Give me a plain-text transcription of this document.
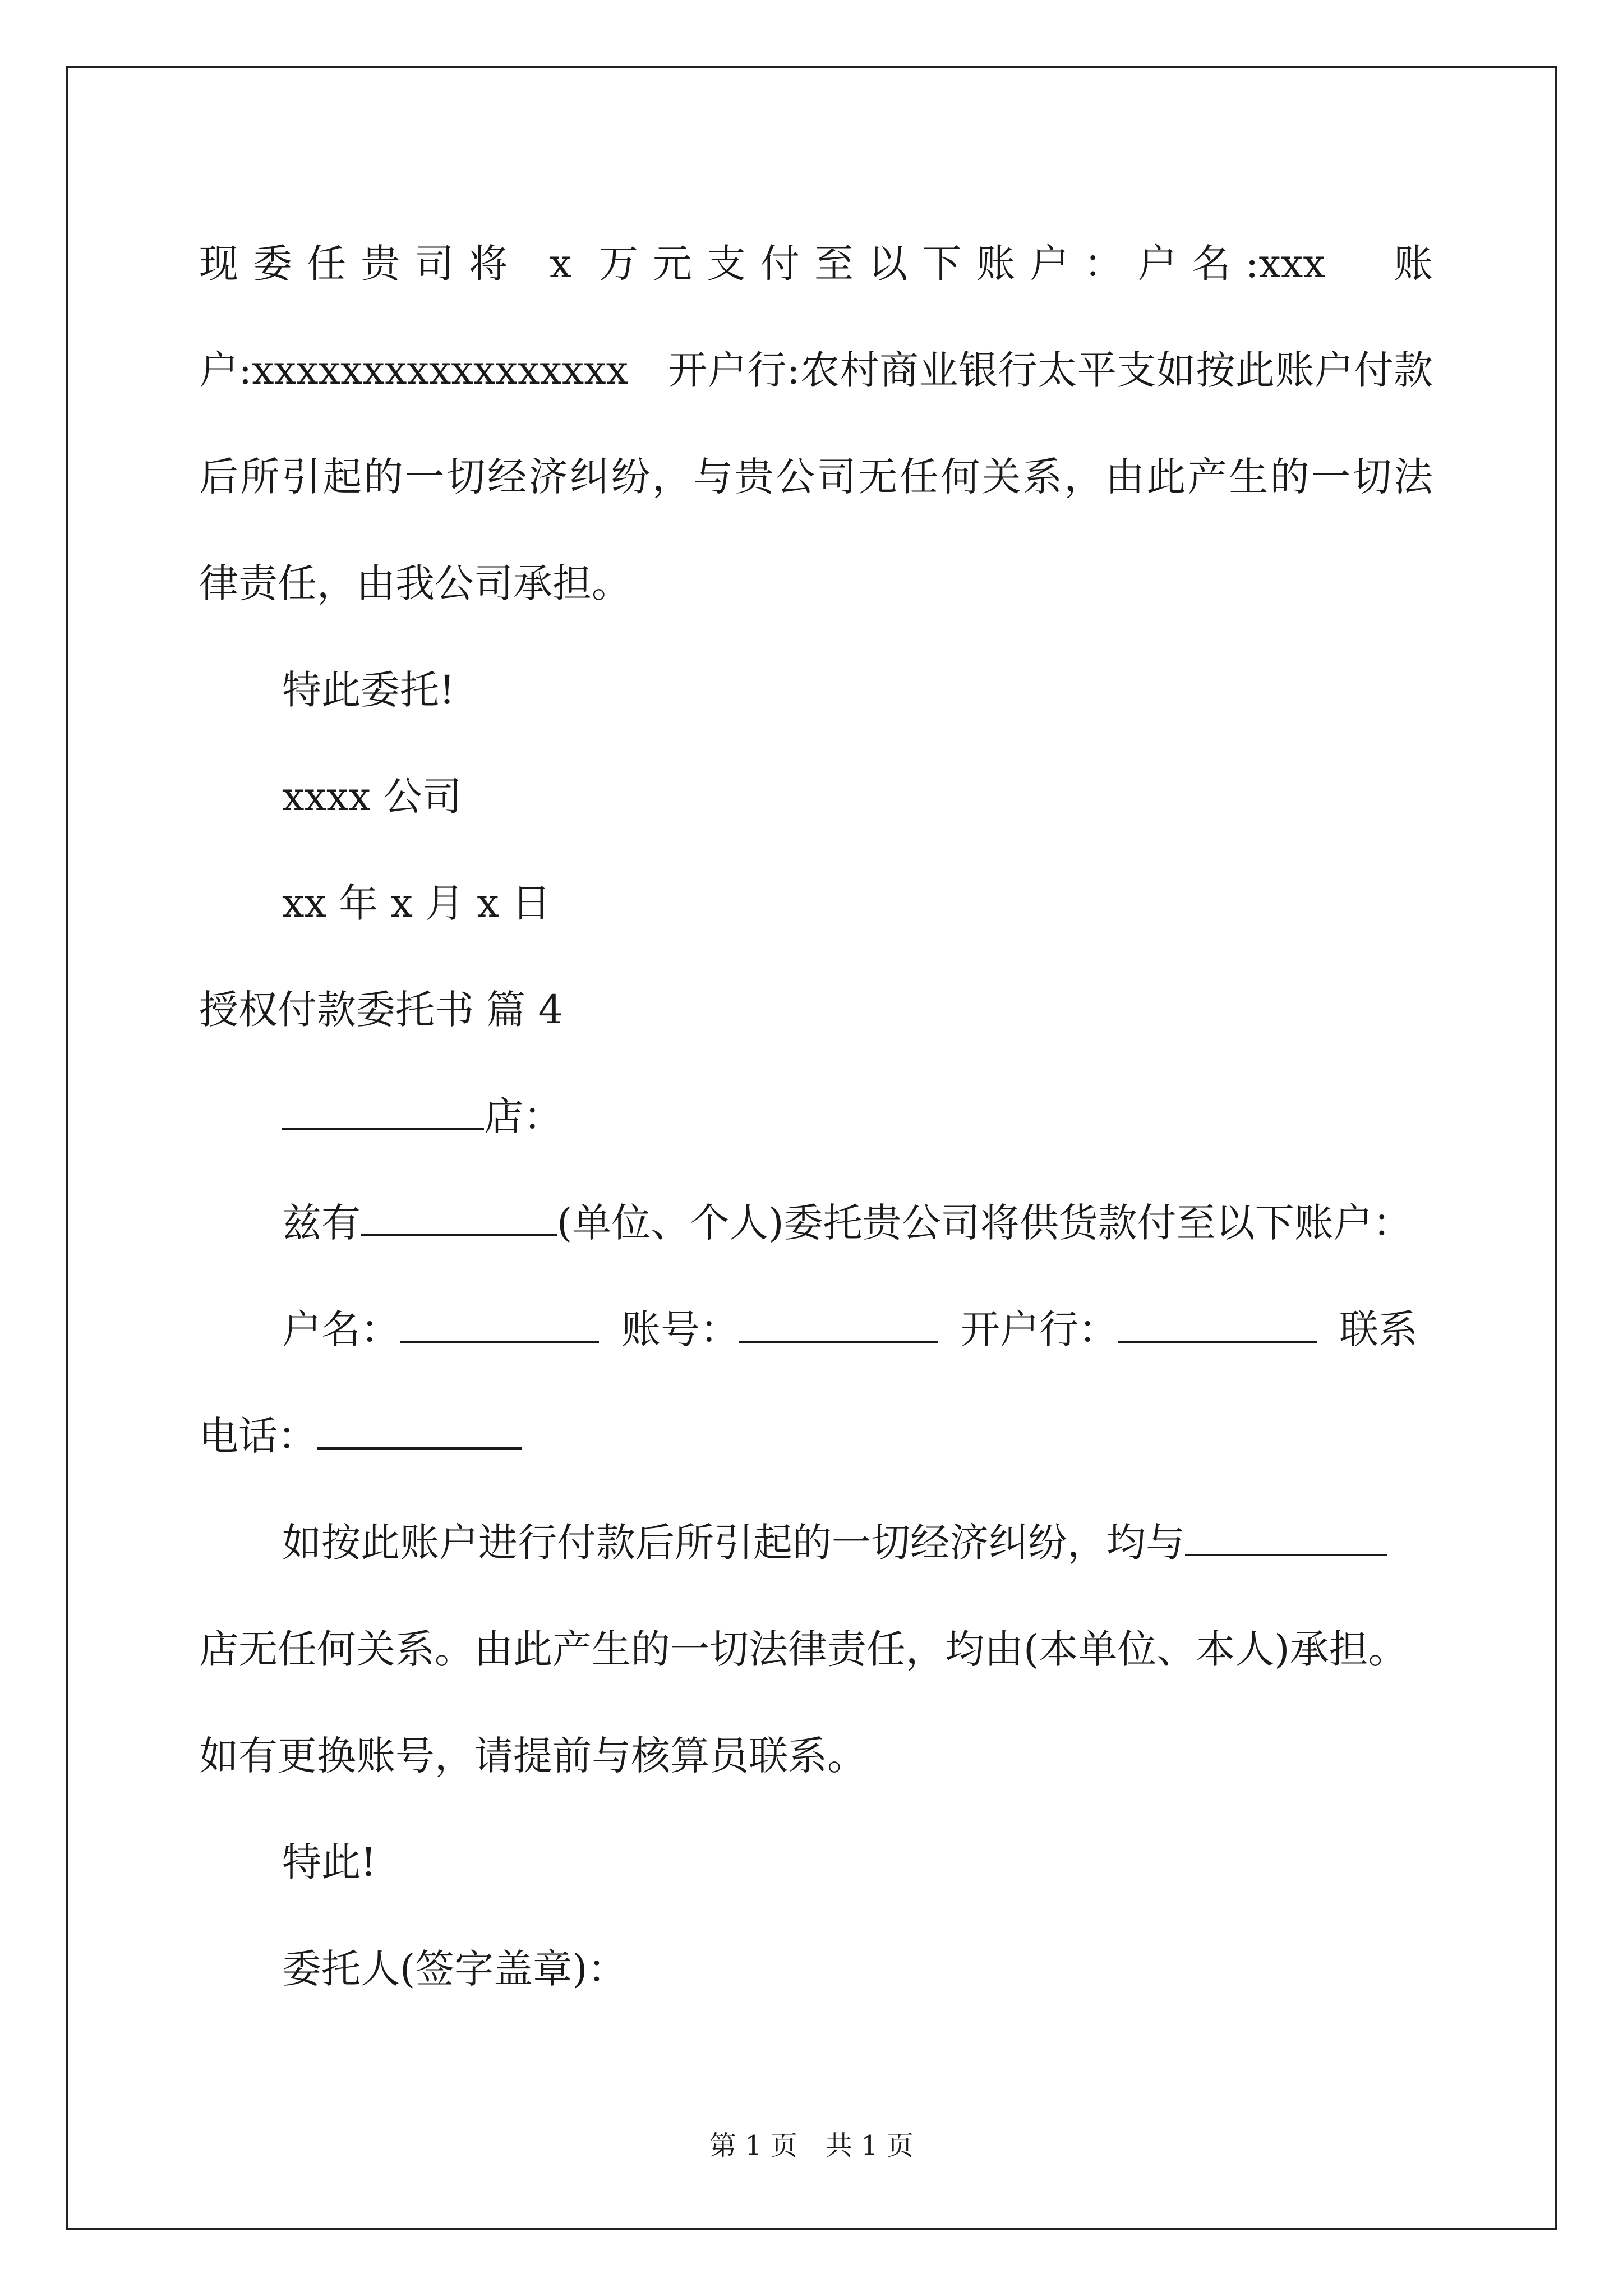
现委任贵司将 x 万元支付至以下账户：户名:xxx　账

户:xxxxxxxxxxxxxxxxx　开户行:农村商业银行太平支如按此账户付款

后所引起的一切经济纠纷，与贵公司无任何关系，由此产生的一切法

律责任，由我公司承担。

特此委托!

xxxx 公司

xx 年 x 月 x 日

授权付款委托书 篇 4

店：

兹有	(单位、个人)委托贵公司将供货款付至以下账户：

户名：	账号：	开户行：	联系

电话：

如按此账户进行付款后所引起的一切经济纠纷，均与

店无任何关系。由此产生的一切法律责任，均由(本单位、本人)承担。

如有更换账号，请提前与核算员联系。

特此!

委托人(签字盖章)：

第 1 页 共 1 页
